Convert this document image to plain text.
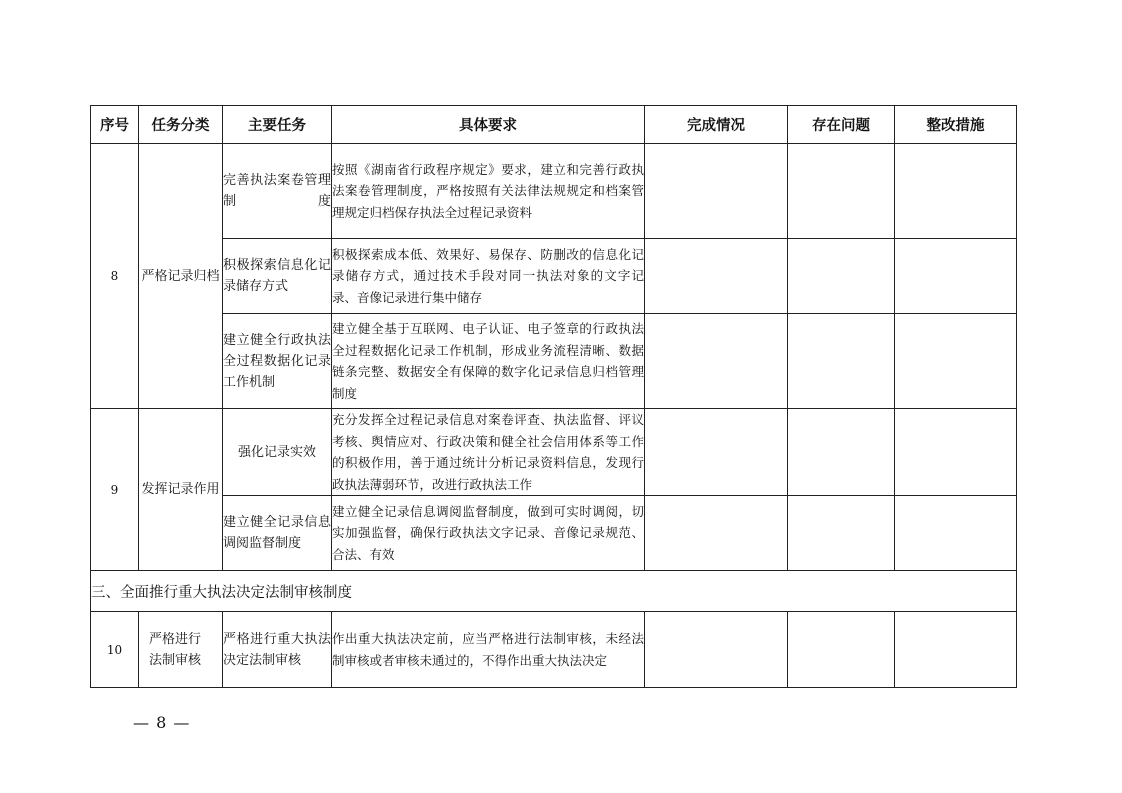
序号	任务分类	主要任务	具体要求	完成情况	存在问题	整改措施
8	严格记录归档	完善执法案卷管理制度	按照《湖南省行政程序规定》要求，建立和完善行政执法案卷管理制度，严格按照有关法律法规规定和档案管理规定归档保存执法全过程记录资料			
		积极探索信息化记录储存方式	积极探索成本低、效果好、易保存、防删改的信息化记录储存方式，通过技术手段对同一执法对象的文字记录、音像记录进行集中储存			
		建立健全行政执法全过程数据化记录工作机制	建立健全基于互联网、电子认证、电子签章的行政执法全过程数据化记录工作机制，形成业务流程清晰、数据链条完整、数据安全有保障的数字化记录信息归档管理制度			
9	发挥记录作用	强化记录实效	充分发挥全过程记录信息对案卷评查、执法监督、评议考核、舆情应对、行政决策和健全社会信用体系等工作的积极作用，善于通过统计分析记录资料信息，发现行政执法薄弱环节，改进行政执法工作			
		建立健全记录信息调阅监督制度	建立健全记录信息调阅监督制度，做到可实时调阅，切实加强监督，确保行政执法文字记录、音像记录规范、合法、有效			
三、全面推行重大执法决定法制审核制度						
10	严格进行法制审核	严格进行重大执法决定法制审核	作出重大执法决定前，应当严格进行法制审核，未经法制审核或者审核未通过的，不得作出重大执法决定			
— 8 —
